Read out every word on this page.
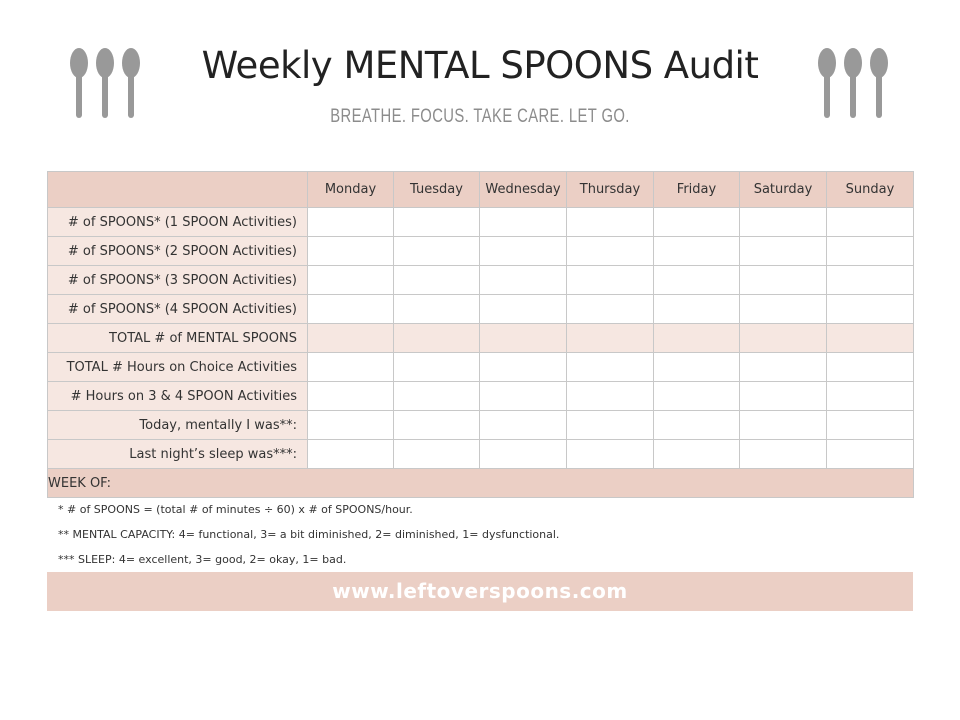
Weekly MENTAL SPOONS Audit
BREATHE. FOCUS. TAKE CARE. LET GO.
	Monday	Tuesday	Wednesday	Thursday	Friday	Saturday	Sunday
# of SPOONS* (1 SPOON Activities)							
# of SPOONS* (2 SPOON Activities)							
# of SPOONS* (3 SPOON Activities)							
# of SPOONS* (4 SPOON Activities)							
TOTAL # of MENTAL SPOONS							
TOTAL # Hours on Choice Activities							
# Hours on 3 & 4 SPOON Activities							
Today, mentally I was**:							
Last night’s sleep was***:							
WEEK OF:							
* # of SPOONS = (total # of minutes ÷ 60) x # of SPOONS/hour.
** MENTAL CAPACITY: 4= functional, 3= a bit diminished, 2= diminished, 1= dysfunctional.
*** SLEEP: 4= excellent, 3= good, 2= okay, 1= bad.
www.leftoverspoons.com
